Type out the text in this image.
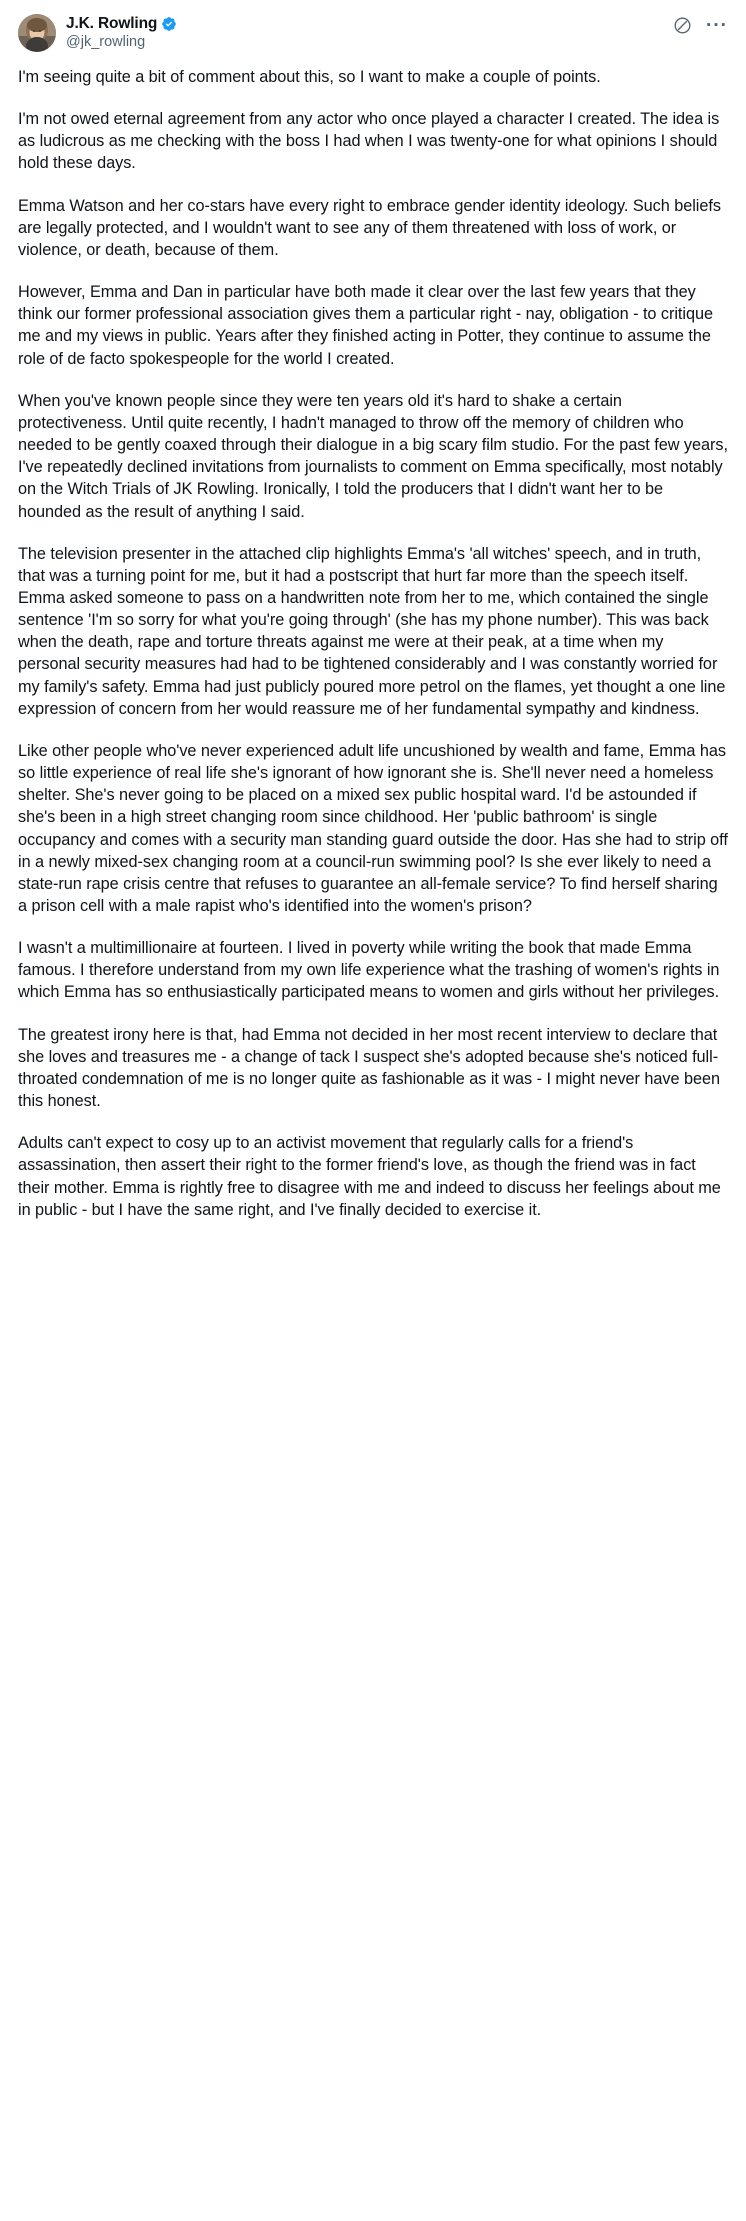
J.K. Rowling
@jk_rowling
···

I'm seeing quite a bit of comment about this, so I want to make a couple of points.

I'm not owed eternal agreement from any actor who once played a character I created. The idea is as ludicrous as me checking with the boss I had when I was twenty-one for what opinions I should hold these days.

Emma Watson and her co-stars have every right to embrace gender identity ideology. Such beliefs are legally protected, and I wouldn't want to see any of them threatened with loss of work, or violence, or death, because of them.

However, Emma and Dan in particular have both made it clear over the last few years that they think our former professional association gives them a particular right - nay, obligation - to critique me and my views in public. Years after they finished acting in Potter, they continue to assume the role of de facto spokespeople for the world I created.

When you've known people since they were ten years old it's hard to shake a certain protectiveness. Until quite recently, I hadn't managed to throw off the memory of children who needed to be gently coaxed through their dialogue in a big scary film studio. For the past few years, I've repeatedly declined invitations from journalists to comment on Emma specifically, most notably on the Witch Trials of JK Rowling. Ironically, I told the producers that I didn't want her to be hounded as the result of anything I said.

The television presenter in the attached clip highlights Emma's 'all witches' speech, and in truth, that was a turning point for me, but it had a postscript that hurt far more than the speech itself. Emma asked someone to pass on a handwritten note from her to me, which contained the single sentence 'I'm so sorry for what you're going through' (she has my phone number). This was back when the death, rape and torture threats against me were at their peak, at a time when my personal security measures had had to be tightened considerably and I was constantly worried for my family's safety. Emma had just publicly poured more petrol on the flames, yet thought a one line expression of concern from her would reassure me of her fundamental sympathy and kindness.

Like other people who've never experienced adult life uncushioned by wealth and fame, Emma has so little experience of real life she's ignorant of how ignorant she is. She'll never need a homeless shelter. She's never going to be placed on a mixed sex public hospital ward. I'd be astounded if she's been in a high street changing room since childhood. Her 'public bathroom' is single occupancy and comes with a security man standing guard outside the door. Has she had to strip off in a newly mixed-sex changing room at a council-run swimming pool? Is she ever likely to need a state-run rape crisis centre that refuses to guarantee an all-female service? To find herself sharing a prison cell with a male rapist who's identified into the women's prison?

I wasn't a multimillionaire at fourteen. I lived in poverty while writing the book that made Emma famous. I therefore understand from my own life experience what the trashing of women's rights in which Emma has so enthusiastically participated means to women and girls without her privileges.

The greatest irony here is that, had Emma not decided in her most recent interview to declare that she loves and treasures me - a change of tack I suspect she's adopted because she's noticed full-throated condemnation of me is no longer quite as fashionable as it was - I might never have been this honest.

Adults can't expect to cosy up to an activist movement that regularly calls for a friend's assassination, then assert their right to the former friend's love, as though the friend was in fact their mother. Emma is rightly free to disagree with me and indeed to discuss her feelings about me in public - but I have the same right, and I've finally decided to exercise it.
